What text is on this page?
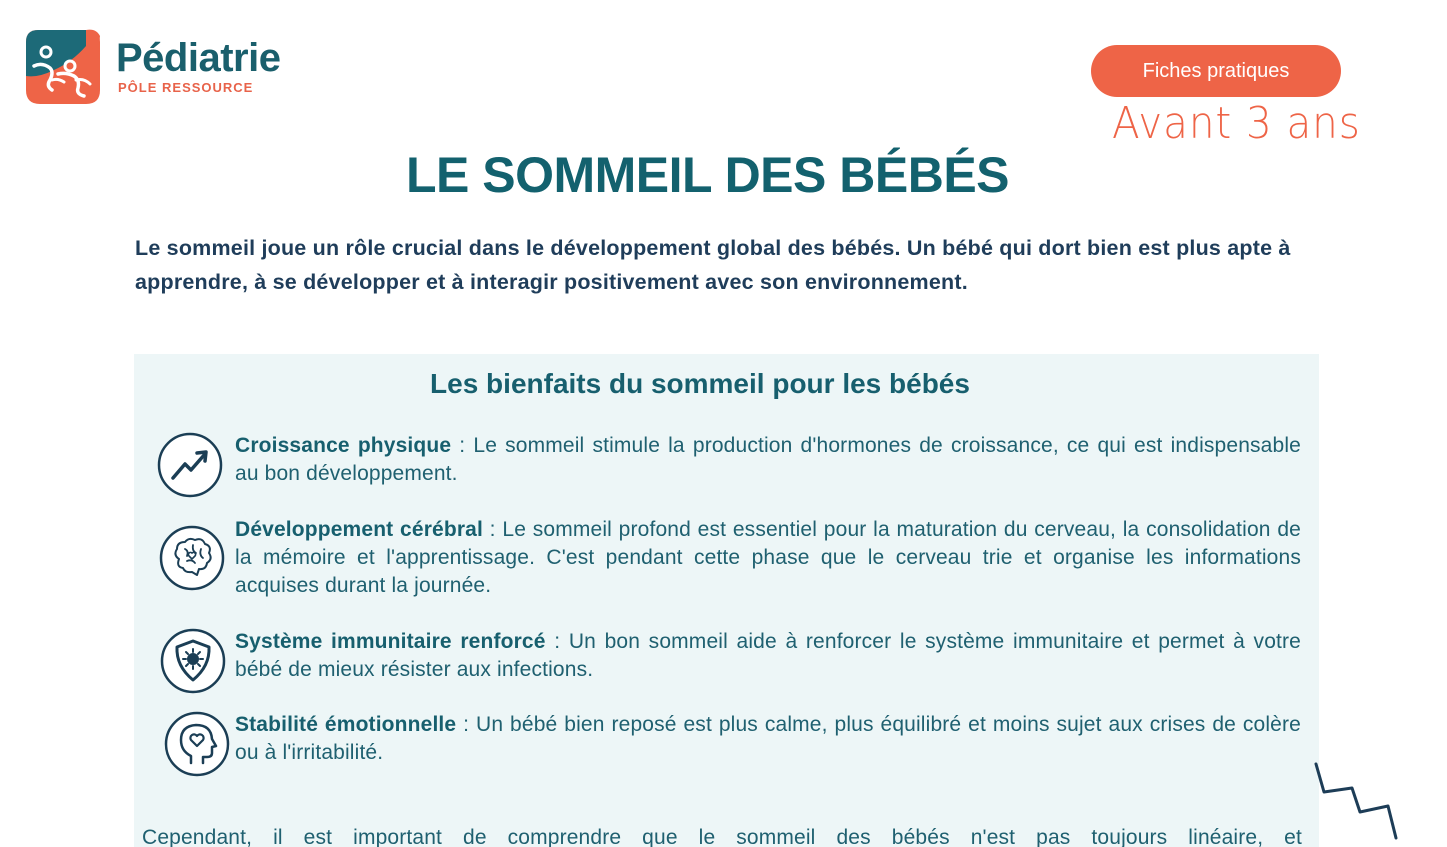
Pédiatrie
PÔLE RESSOURCE
Fiches pratiques
Avant 3 ans
LE SOMMEIL DES BÉBÉS
Le sommeil joue un rôle crucial dans le développement global des bébés. Un bébé qui dort bien est plus apte à apprendre, à se développer et à interagir positivement avec son environnement.
Les bienfaits du sommeil pour les bébés
Croissance physique : Le sommeil stimule la production d'hormones de croissance, ce qui est indispensable au bon développement.
Développement cérébral : Le sommeil profond est essentiel pour la maturation du cerveau, la consolidation de la mémoire et l'apprentissage. C'est pendant cette phase que le cerveau trie et organise les informations acquises durant la journée.
Système immunitaire renforcé : Un bon sommeil aide à renforcer le système immunitaire et permet à votre bébé de mieux résister aux infections.
Stabilité émotionnelle : Un bébé bien reposé est plus calme, plus équilibré et moins sujet aux crises de colère ou à l'irritabilité.
Cependant, il est important de comprendre que le sommeil des bébés n'est pas toujours linéaire, et
